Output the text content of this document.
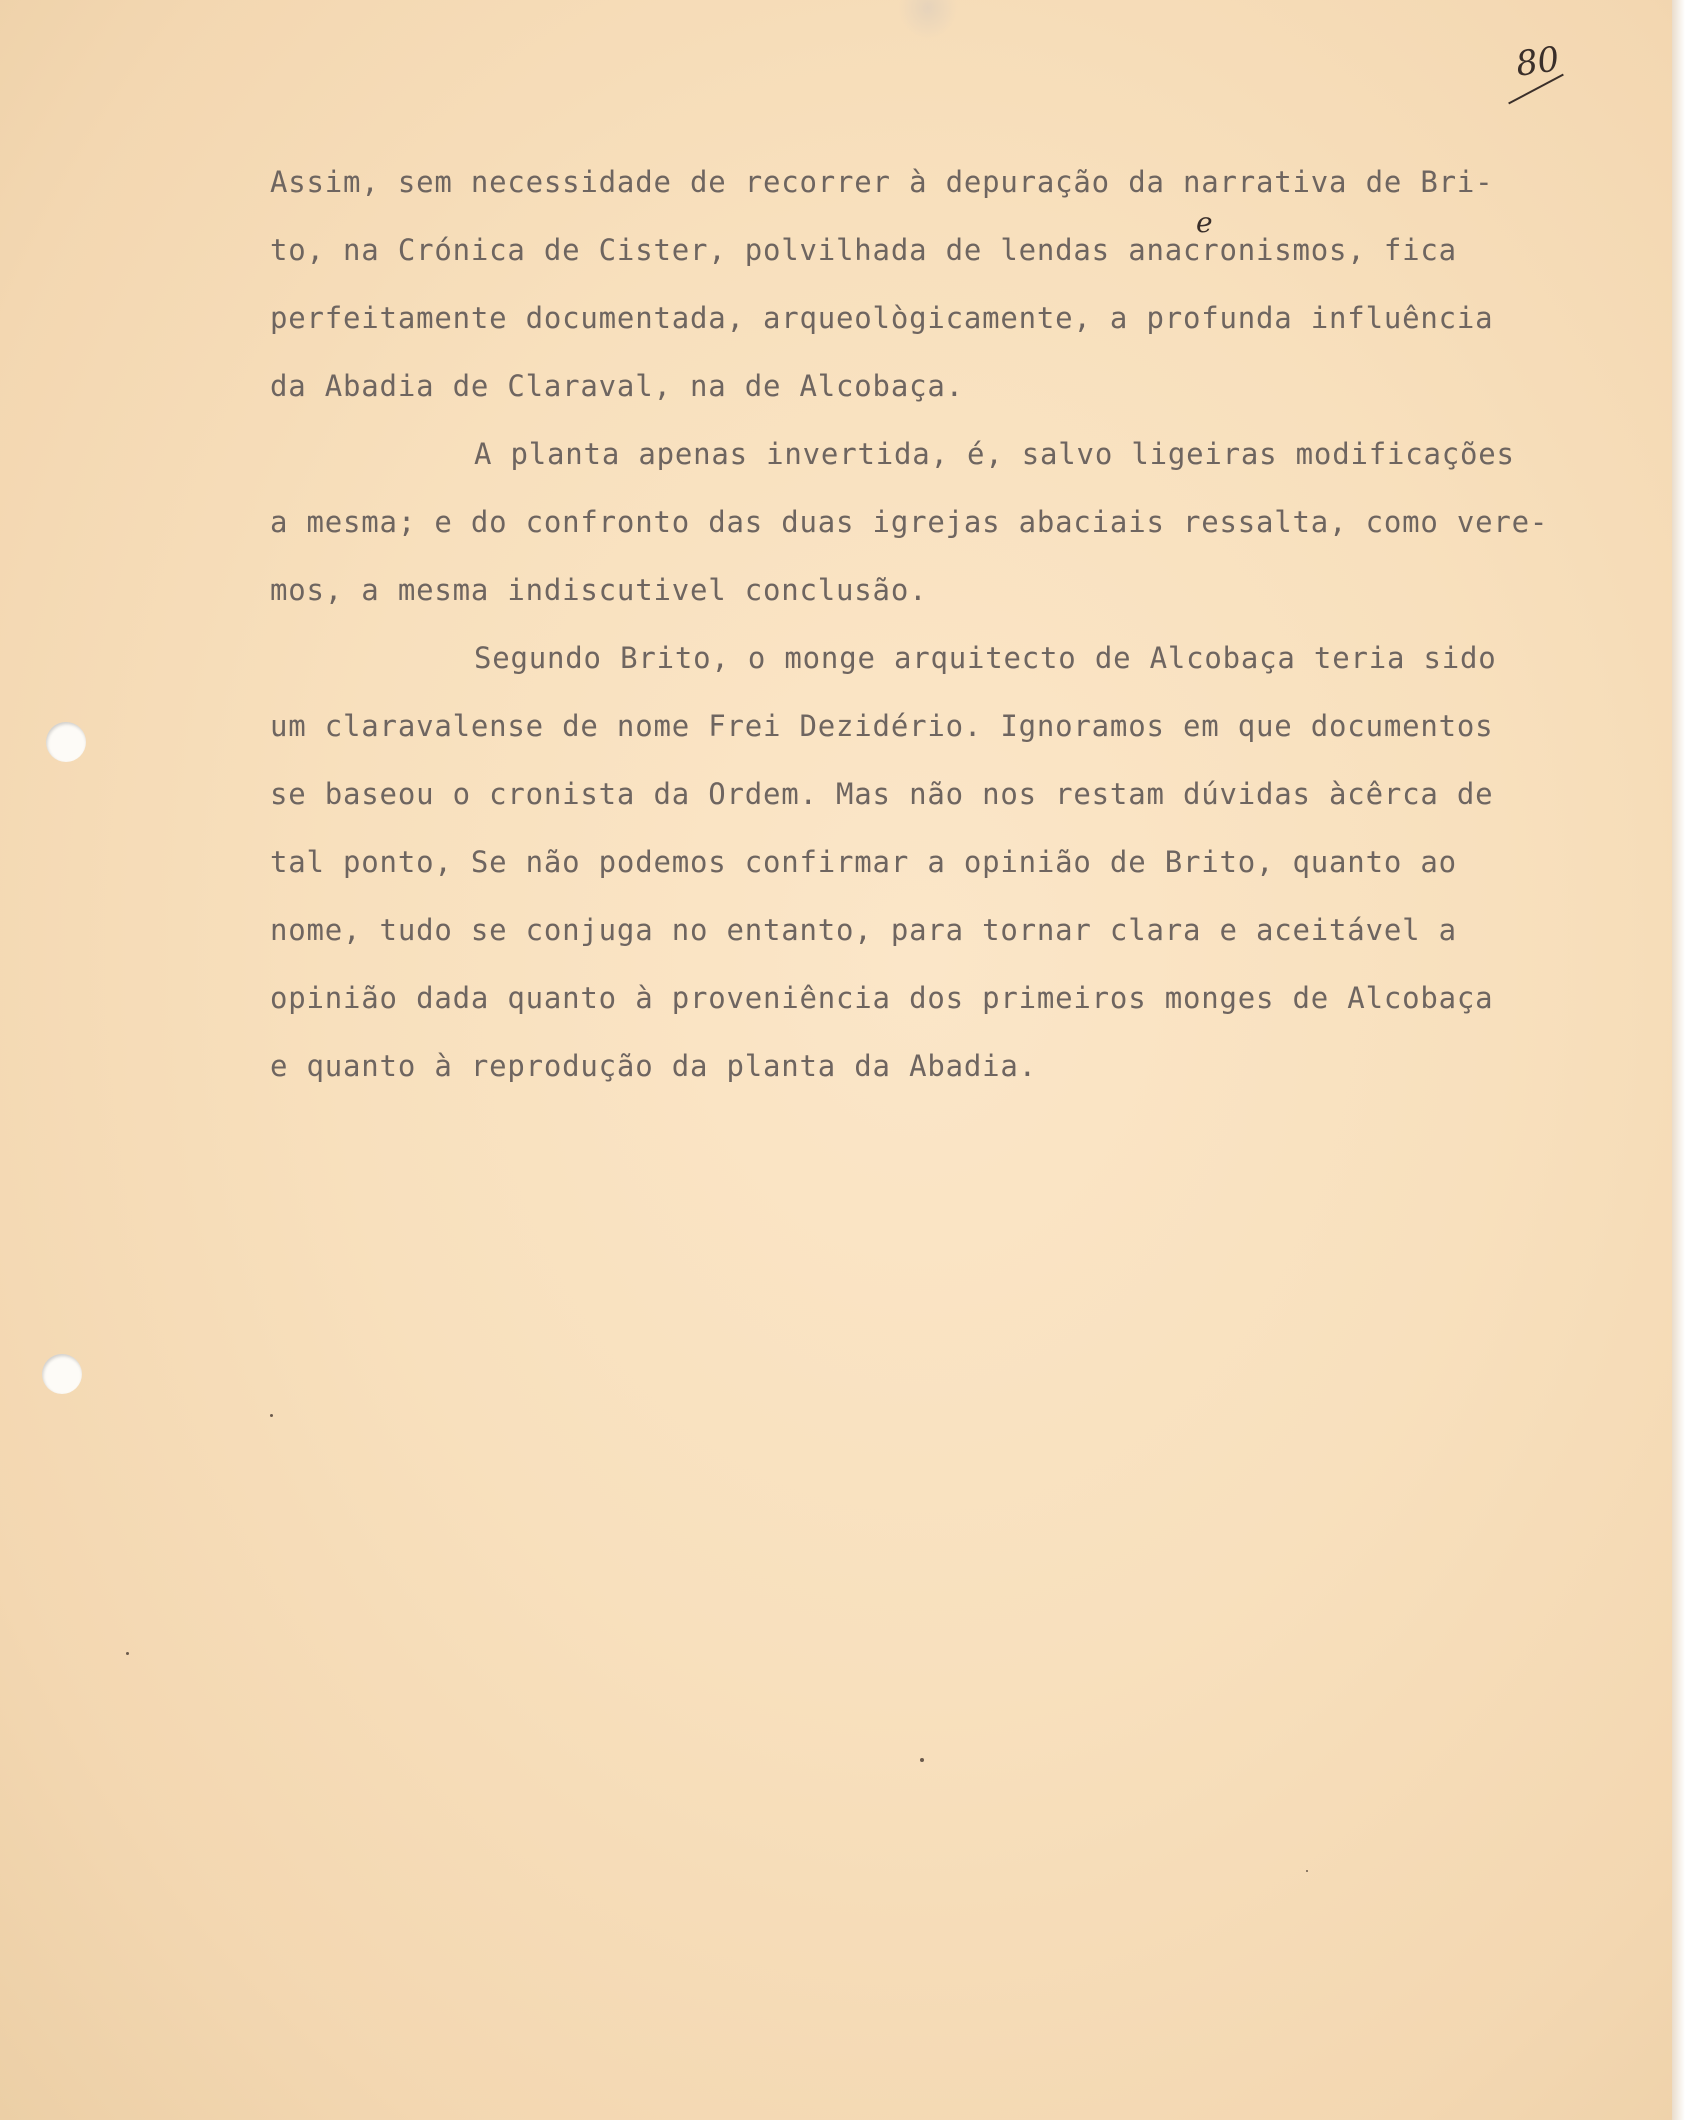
80
e
Assim, sem necessidade de recorrer à depuração da narrativa de Bri-
to, na Crónica de Cister, polvilhada de lendas anacronismos, fica
perfeitamente documentada, arqueològicamente, a profunda influência
da Abadia de Claraval, na de Alcobaça.
A planta apenas invertida, é, salvo ligeiras modificações
a mesma; e do confronto das duas igrejas abaciais ressalta, como vere-
mos, a mesma indiscutivel conclusão.
Segundo Brito, o monge arquitecto de Alcobaça teria sido
um claravalense de nome Frei Dezidério. Ignoramos em que documentos
se baseou o cronista da Ordem. Mas não nos restam dúvidas àcêrca de
tal ponto, Se não podemos confirmar a opinião de Brito, quanto ao
nome, tudo se conjuga no entanto, para tornar clara e aceitável a
opinião dada quanto à proveniência dos primeiros monges de Alcobaça
e quanto à reprodução da planta da Abadia.
